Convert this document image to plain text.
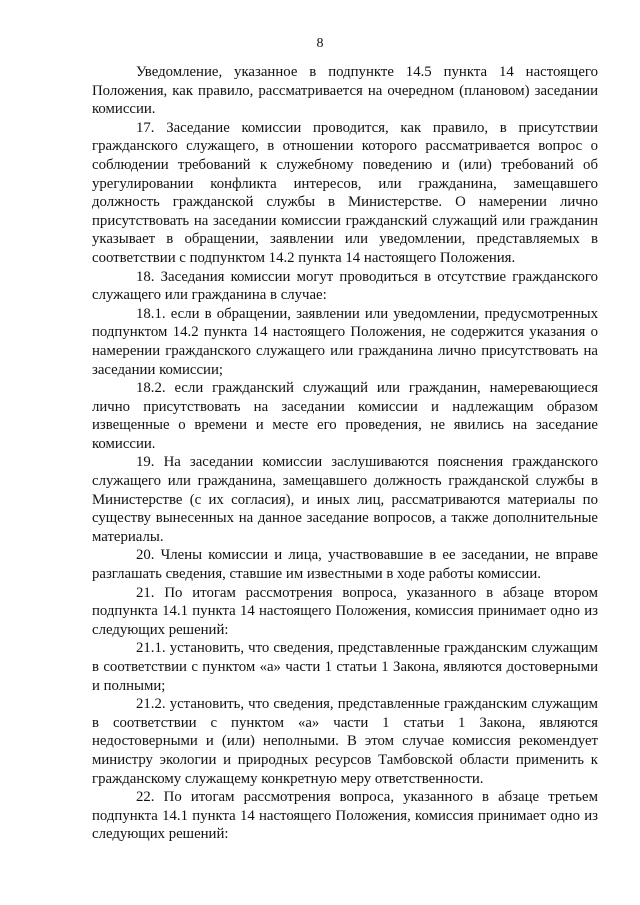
8

Уведомление, указанное в подпункте 14.5 пункта 14 настоящего Положения, как правило, рассматривается на очередном (плановом) заседании комиссии.

17. Заседание комиссии проводится, как правило, в присутствии гражданского служащего, в отношении которого рассматривается вопрос о соблюдении требований к служебному поведению и (или) требований об урегулировании конфликта интересов, или гражданина, замещавшего должность гражданской службы в Министерстве. О намерении лично присутствовать на заседании комиссии гражданский служащий или гражданин указывает в обращении, заявлении или уведомлении, представляемых в соответствии с подпунктом 14.2 пункта 14 настоящего Положения.

18. Заседания комиссии могут проводиться в отсутствие гражданского служащего или гражданина в случае:

18.1. если в обращении, заявлении или уведомлении, предусмотренных подпунктом 14.2 пункта 14 настоящего Положения, не содержится указания о намерении гражданского служащего или гражданина лично присутствовать на заседании комиссии;

18.2. если гражданский служащий или гражданин, намеревающиеся лично присутствовать на заседании комиссии и надлежащим образом извещенные о времени и месте его проведения, не явились на заседание комиссии.

19. На заседании комиссии заслушиваются пояснения гражданского служащего или гражданина, замещавшего должность гражданской службы в Министерстве (с их согласия), и иных лиц, рассматриваются материалы по существу вынесенных на данное заседание вопросов, а также дополнительные материалы.

20. Члены комиссии и лица, участвовавшие в ее заседании, не вправе разглашать сведения, ставшие им известными в ходе работы комиссии.

21. По итогам рассмотрения вопроса, указанного в абзаце втором подпункта 14.1 пункта 14 настоящего Положения, комиссия принимает одно из следующих решений:

21.1. установить, что сведения, представленные гражданским служащим в соответствии с пунктом «а» части 1 статьи 1 Закона, являются достоверными и полными;

21.2. установить, что сведения, представленные гражданским служащим в соответствии с пунктом «а» части 1 статьи 1 Закона, являются недостоверными и (или) неполными. В этом случае комиссия рекомендует министру экологии и природных ресурсов Тамбовской области применить к гражданскому служащему конкретную меру ответственности.

22. По итогам рассмотрения вопроса, указанного в абзаце третьем подпункта 14.1 пункта 14 настоящего Положения, комиссия принимает одно из следующих решений:
